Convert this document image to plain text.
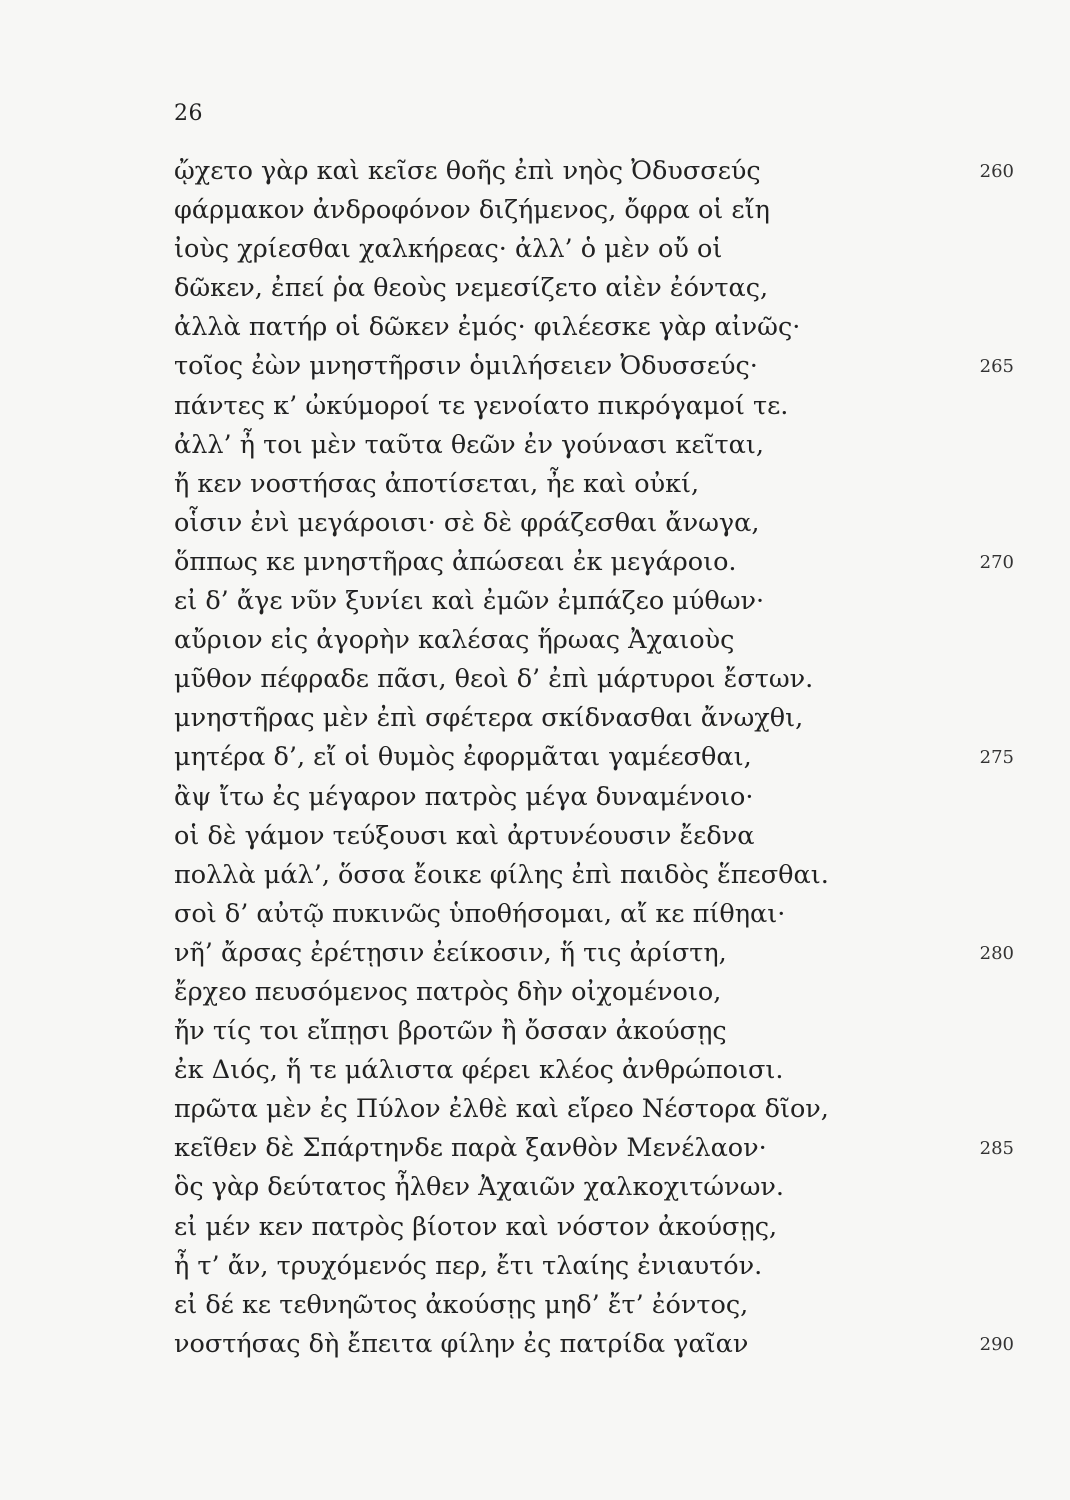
26
ᾤχετο γὰρ καὶ κεῖσε θοῆς ἐπὶ νηὸς Ὀδυσσεύς	260
φάρμακον ἀνδροφόνον διζήμενος, ὄφρα οἱ εἴη
ἰοὺς χρίεσθαι χαλκήρεας· ἀλλ’ ὁ μὲν οὔ οἱ
δῶκεν, ἐπεί ῥα θεοὺς νεμεσίζετο αἰὲν ἐόντας,
ἀλλὰ πατήρ οἱ δῶκεν ἐμός· φιλέεσκε γὰρ αἰνῶς·
τοῖος ἐὼν μνηστῆρσιν ὁμιλήσειεν Ὀδυσσεύς·	265
πάντες κ’ ὠκύμοροί τε γενοίατο πικρόγαμοί τε.
ἀλλ’ ἦ τοι μὲν ταῦτα θεῶν ἐν γούνασι κεῖται,
ἤ κεν νοστήσας ἀποτίσεται, ἦε καὶ οὐκί,
οἷσιν ἐνὶ μεγάροισι· σὲ δὲ φράζεσθαι ἄνωγα,
ὅππως κε μνηστῆρας ἀπώσεαι ἐκ μεγάροιο.	270
εἰ δ’ ἄγε νῦν ξυνίει καὶ ἐμῶν ἐμπάζεο μύθων·
αὔριον εἰς ἀγορὴν καλέσας ἥρωας Ἀχαιοὺς
μῦθον πέφραδε πᾶσι, θεοὶ δ’ ἐπὶ μάρτυροι ἔστων.
μνηστῆρας μὲν ἐπὶ σφέτερα σκίδνασθαι ἄνωχθι,
μητέρα δ’, εἴ οἱ θυμὸς ἐφορμᾶται γαμέεσθαι,	275
ἂψ ἴτω ἐς μέγαρον πατρὸς μέγα δυναμένοιο·
οἱ δὲ γάμον τεύξουσι καὶ ἀρτυνέουσιν ἔεδνα
πολλὰ μάλ’, ὅσσα ἔοικε φίλης ἐπὶ παιδὸς ἕπεσθαι.
σοὶ δ’ αὐτῷ πυκινῶς ὑποθήσομαι, αἴ κε πίθηαι·
νῆ’ ἄρσας ἐρέτῃσιν ἐείκοσιν, ἥ τις ἀρίστη,	280
ἔρχεο πευσόμενος πατρὸς δὴν οἰχομένοιο,
ἤν τίς τοι εἴπῃσι βροτῶν ἢ ὄσσαν ἀκούσῃς
ἐκ Διός, ἥ τε μάλιστα φέρει κλέος ἀνθρώποισι.
πρῶτα μὲν ἐς Πύλον ἐλθὲ καὶ εἴρεο Νέστορα δῖον,
κεῖθεν δὲ Σπάρτηνδε παρὰ ξανθὸν Μενέλαον·	285
ὃς γὰρ δεύτατος ἦλθεν Ἀχαιῶν χαλκοχιτώνων.
εἰ μέν κεν πατρὸς βίοτον καὶ νόστον ἀκούσῃς,
ἦ τ’ ἄν, τρυχόμενός περ, ἔτι τλαίης ἐνιαυτόν.
εἰ δέ κε τεθνηῶτος ἀκούσῃς μηδ’ ἔτ’ ἐόντος,
νοστήσας δὴ ἔπειτα φίλην ἐς πατρίδα γαῖαν	290
